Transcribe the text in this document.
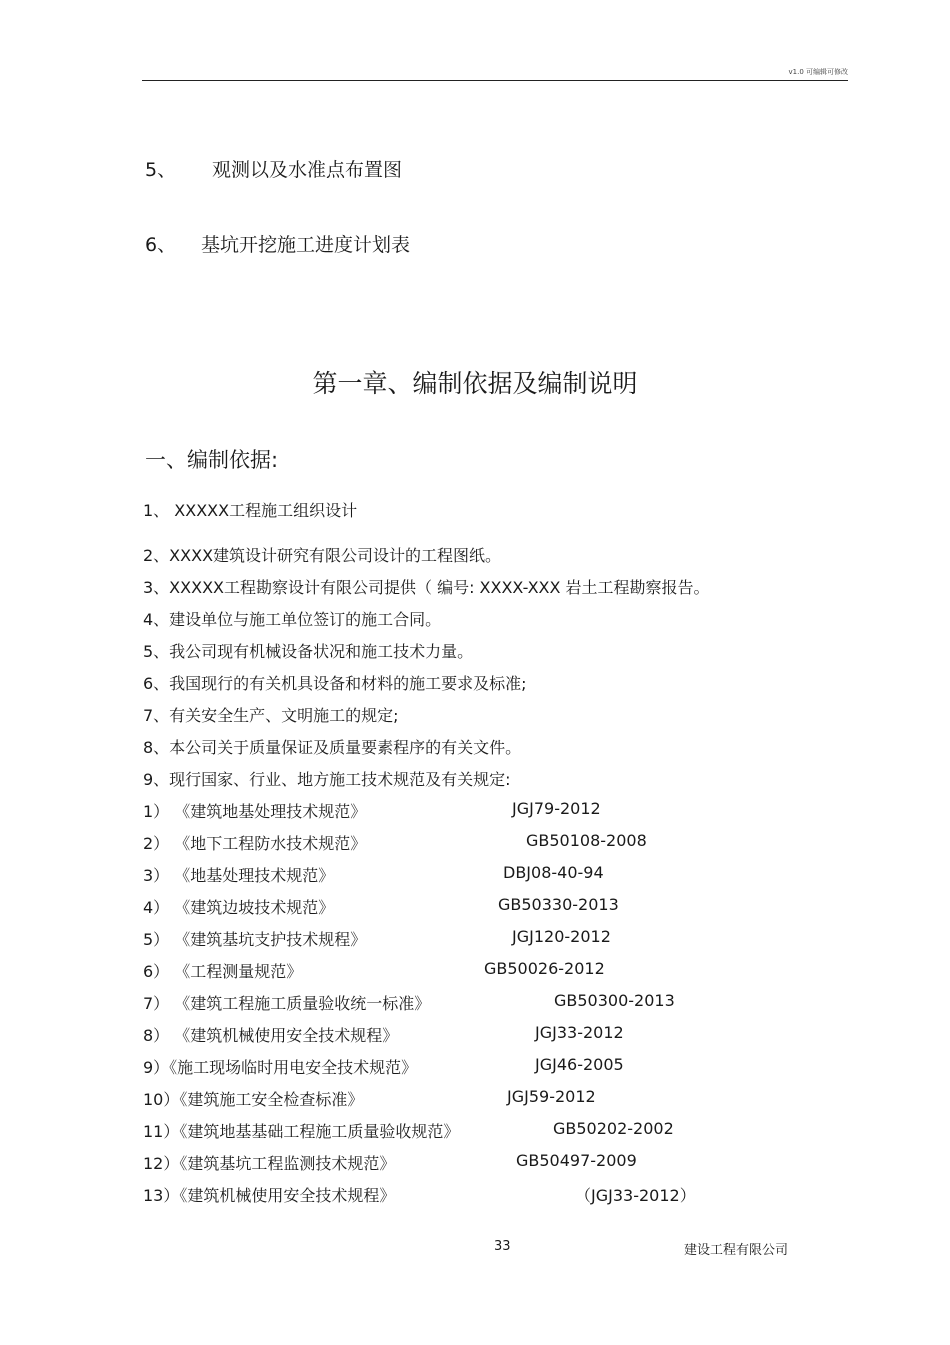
v1.0 可编辑可修改
5、 观测以及水准点布置图
6、 基坑开挖施工进度计划表
第一章、编制依据及编制说明
一、编制依据:
1、 XXXXX工程施工组织设计
2、XXXX建筑设计研究有限公司设计的工程图纸。
3、XXXXX工程勘察设计有限公司提供（ 编号: XXXX-XXX 岩土工程勘察报告。
4、建设单位与施工单位签订的施工合同。
5、我公司现有机械设备状况和施工技术力量。
6、我国现行的有关机具设备和材料的施工要求及标准;
7、有关安全生产、文明施工的规定;
8、本公司关于质量保证及质量要素程序的有关文件。
9、现行国家、行业、地方施工技术规范及有关规定:
1） 《建筑地基处理技术规范》	JGJ79-2012
2） 《地下工程防水技术规范》	GB50108-2008
3） 《地基处理技术规范》	DBJ08-40-94
4） 《建筑边坡技术规范》	GB50330-2013
5） 《建筑基坑支护技术规程》	JGJ120-2012
6） 《工程测量规范》	GB50026-2012
7） 《建筑工程施工质量验收统一标准》	GB50300-2013
8） 《建筑机械使用安全技术规程》	JGJ33-2012
9）《施工现场临时用电安全技术规范》	JGJ46-2005
10）《建筑施工安全检查标准》	JGJ59-2012
11）《建筑地基基础工程施工质量验收规范》	GB50202-2002
12）《建筑基坑工程监测技术规范》	GB50497-2009
13）《建筑机械使用安全技术规程》	（JGJ33-2012）
33	建设工程有限公司
